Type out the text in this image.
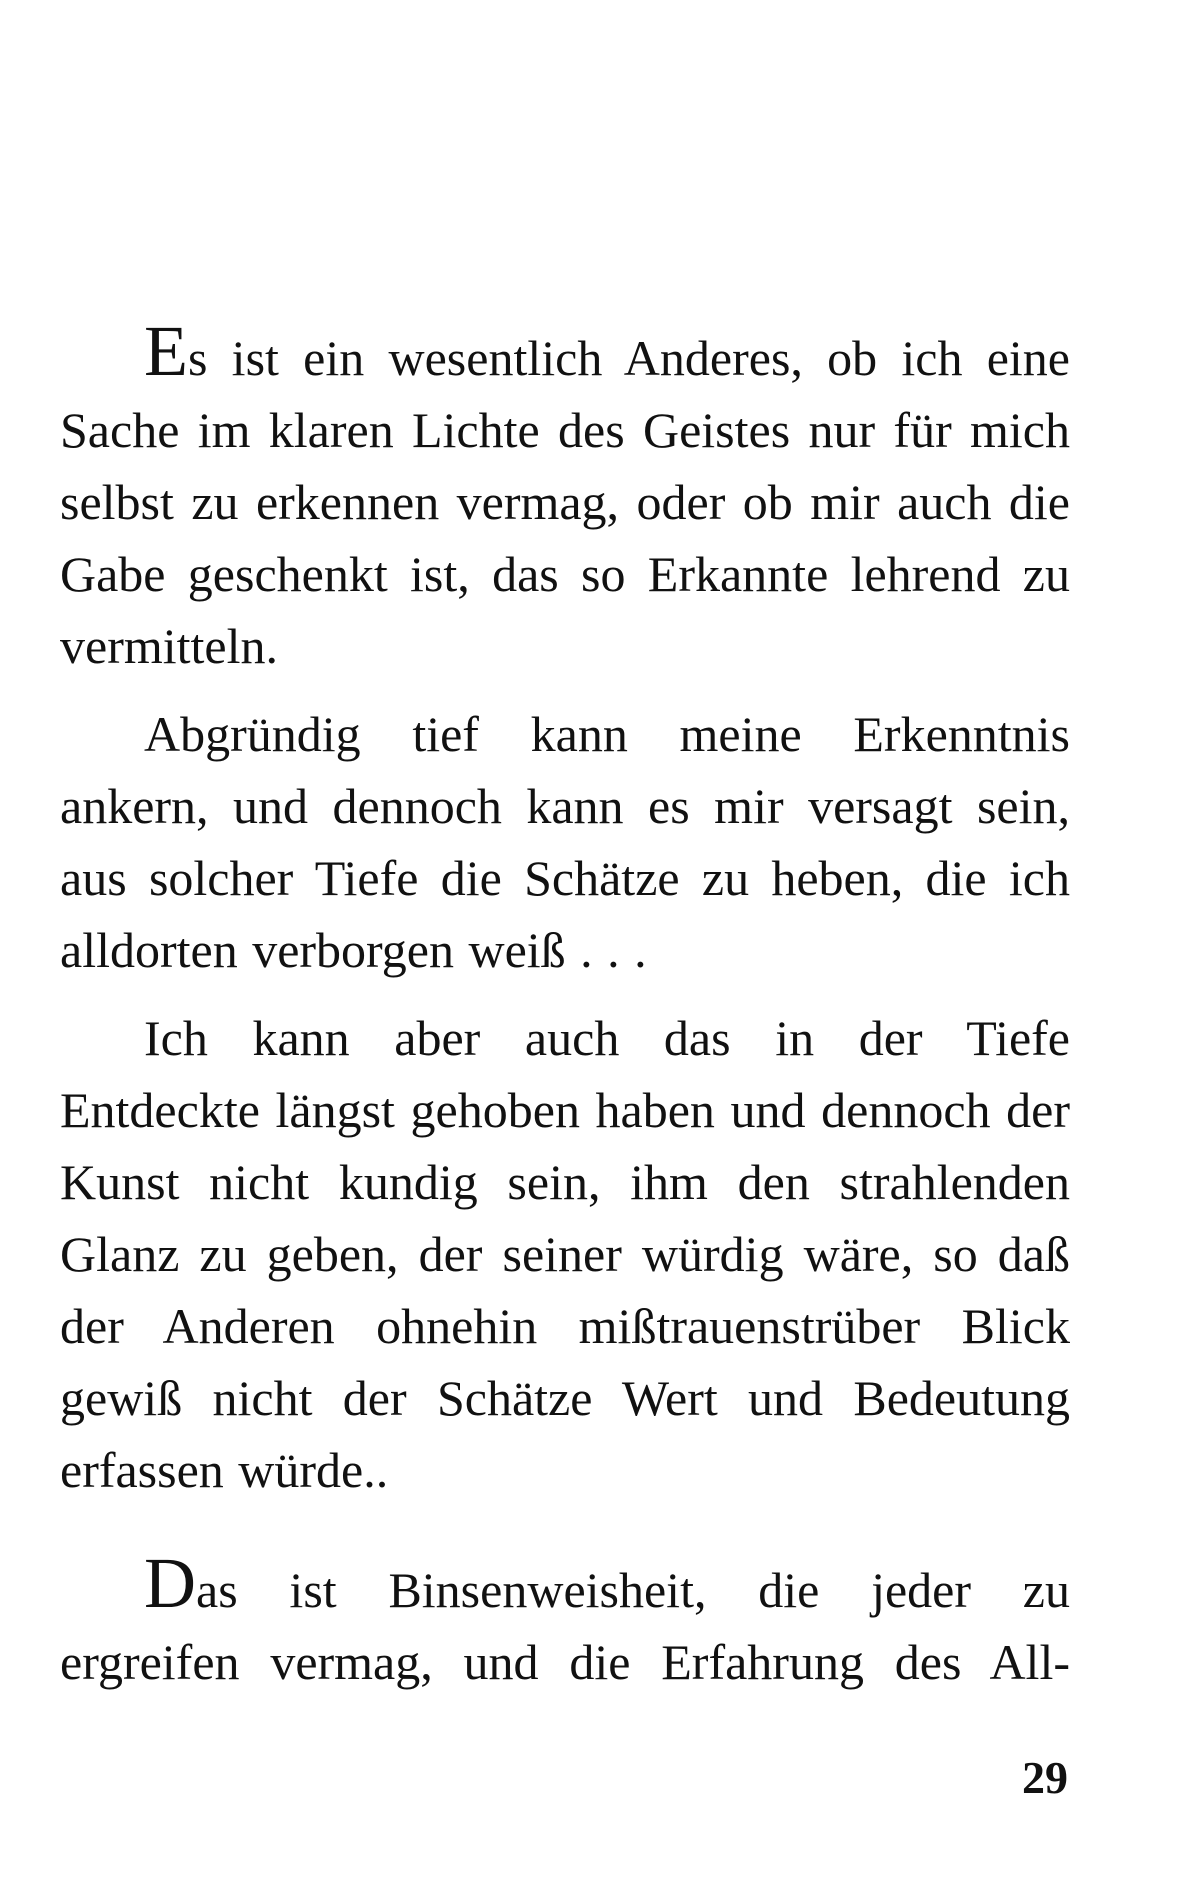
Es ist ein wesentlich Anderes, ob ich eine Sache im klaren Lichte des Geistes nur für mich selbst zu erkennen vermag, oder ob mir auch die Gabe geschenkt ist, das so Erkannte lehrend zu vermitteln.

Abgründig tief kann meine Erkenntnis ankern, und dennoch kann es mir versagt sein, aus solcher Tiefe die Schätze zu heben, die ich alldorten verborgen weiß . . .

Ich kann aber auch das in der Tiefe Entdeckte längst gehoben haben und dennoch der Kunst nicht kundig sein, ihm den strahlenden Glanz zu geben, der seiner würdig wäre, so daß der Anderen ohnehin mißtrauenstrüber Blick gewiß nicht der Schätze Wert und Bedeutung erfassen würde..

Das ist Binsenweisheit, die jeder zu ergreifen vermag, und die Erfahrung des All-

29
